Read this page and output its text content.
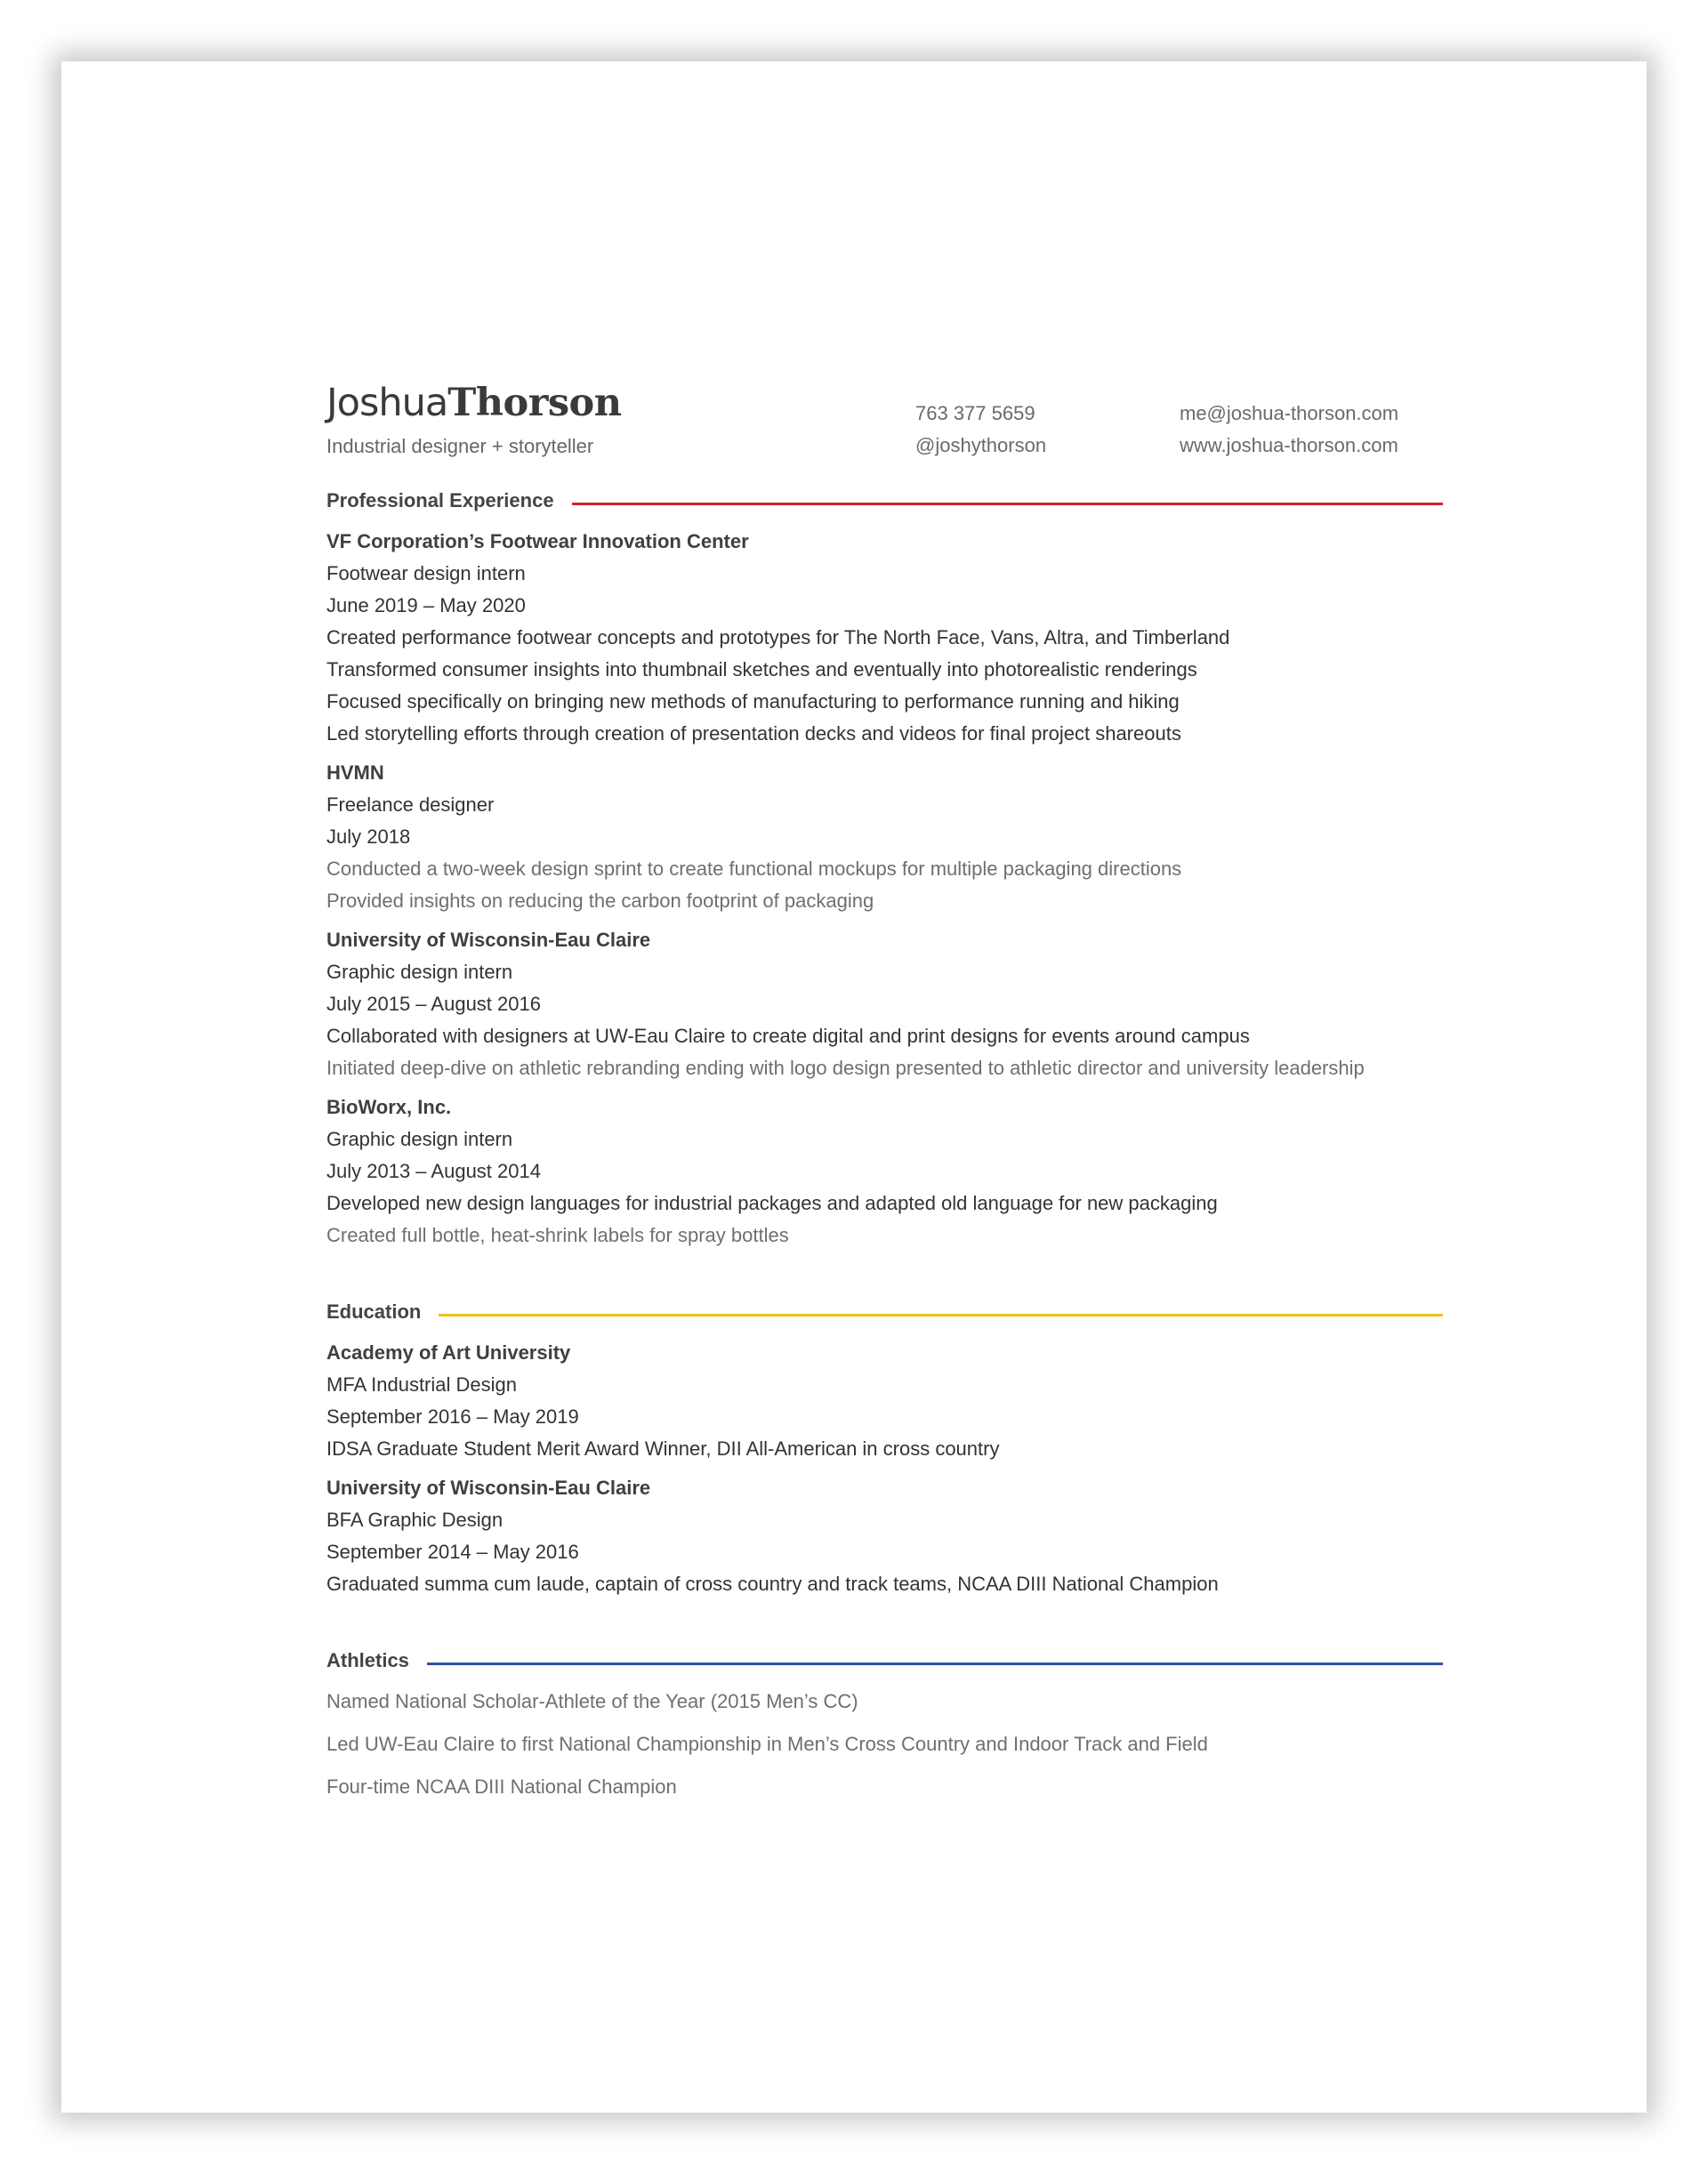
JoshuaThorson
Industrial designer + storyteller
763 377 5659
@joshythorson
me@joshua-thorson.com
www.joshua-thorson.com
Professional Experience
VF Corporation’s Footwear Innovation Center
Footwear design intern
June 2019 – May 2020
Created performance footwear concepts and prototypes for The North Face, Vans, Altra, and Timberland
Transformed consumer insights into thumbnail sketches and eventually into photorealistic renderings
Focused specifically on bringing new methods of manufacturing to performance running and hiking
Led storytelling efforts through creation of presentation decks and videos for final project shareouts
HVMN
Freelance designer
July 2018
Conducted a two-week design sprint to create functional mockups for multiple packaging directions
Provided insights on reducing the carbon footprint of packaging
University of Wisconsin-Eau Claire
Graphic design intern
July 2015 – August 2016
Collaborated with designers at UW-Eau Claire to create digital and print designs for events around campus
Initiated deep-dive on athletic rebranding ending with logo design presented to athletic director and university leadership
BioWorx, Inc.
Graphic design intern
July 2013 – August 2014
Developed new design languages for industrial packages and adapted old language for new packaging
Created full bottle, heat-shrink labels for spray bottles
Education
Academy of Art University
MFA Industrial Design
September 2016 – May 2019
IDSA Graduate Student Merit Award Winner, DII All-American in cross country
University of Wisconsin-Eau Claire
BFA Graphic Design
September 2014 – May 2016
Graduated summa cum laude, captain of cross country and track teams, NCAA DIII National Champion
Athletics
Named National Scholar-Athlete of the Year (2015 Men’s CC)
Led UW-Eau Claire to first National Championship in Men’s Cross Country and Indoor Track and Field
Four-time NCAA DIII National Champion
